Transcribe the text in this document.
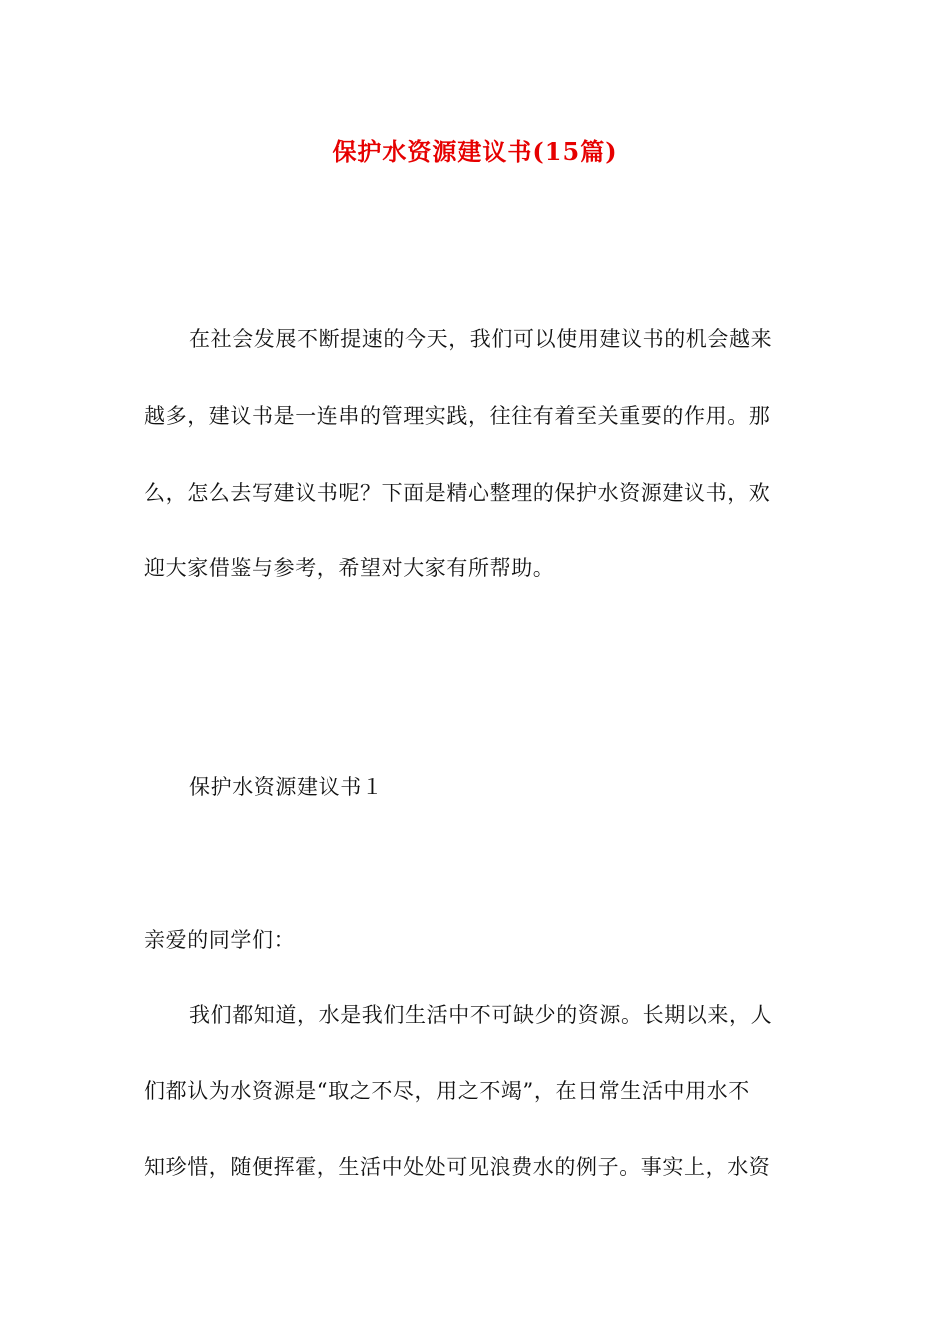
保护水资源建议书(15篇)
在社会发展不断提速的今天，我们可以使用建议书的机会越来
越多，建议书是一连串的管理实践，往往有着至关重要的作用。那
么，怎么去写建议书呢？下面是精心整理的保护水资源建议书，欢
迎大家借鉴与参考，希望对大家有所帮助。
保护水资源建议书１
亲爱的同学们：
我们都知道，水是我们生活中不可缺少的资源。长期以来，人
们都认为水资源是“取之不尽，用之不竭”，在日常生活中用水不
知珍惜，随便挥霍，生活中处处可见浪费水的例子。事实上，水资
